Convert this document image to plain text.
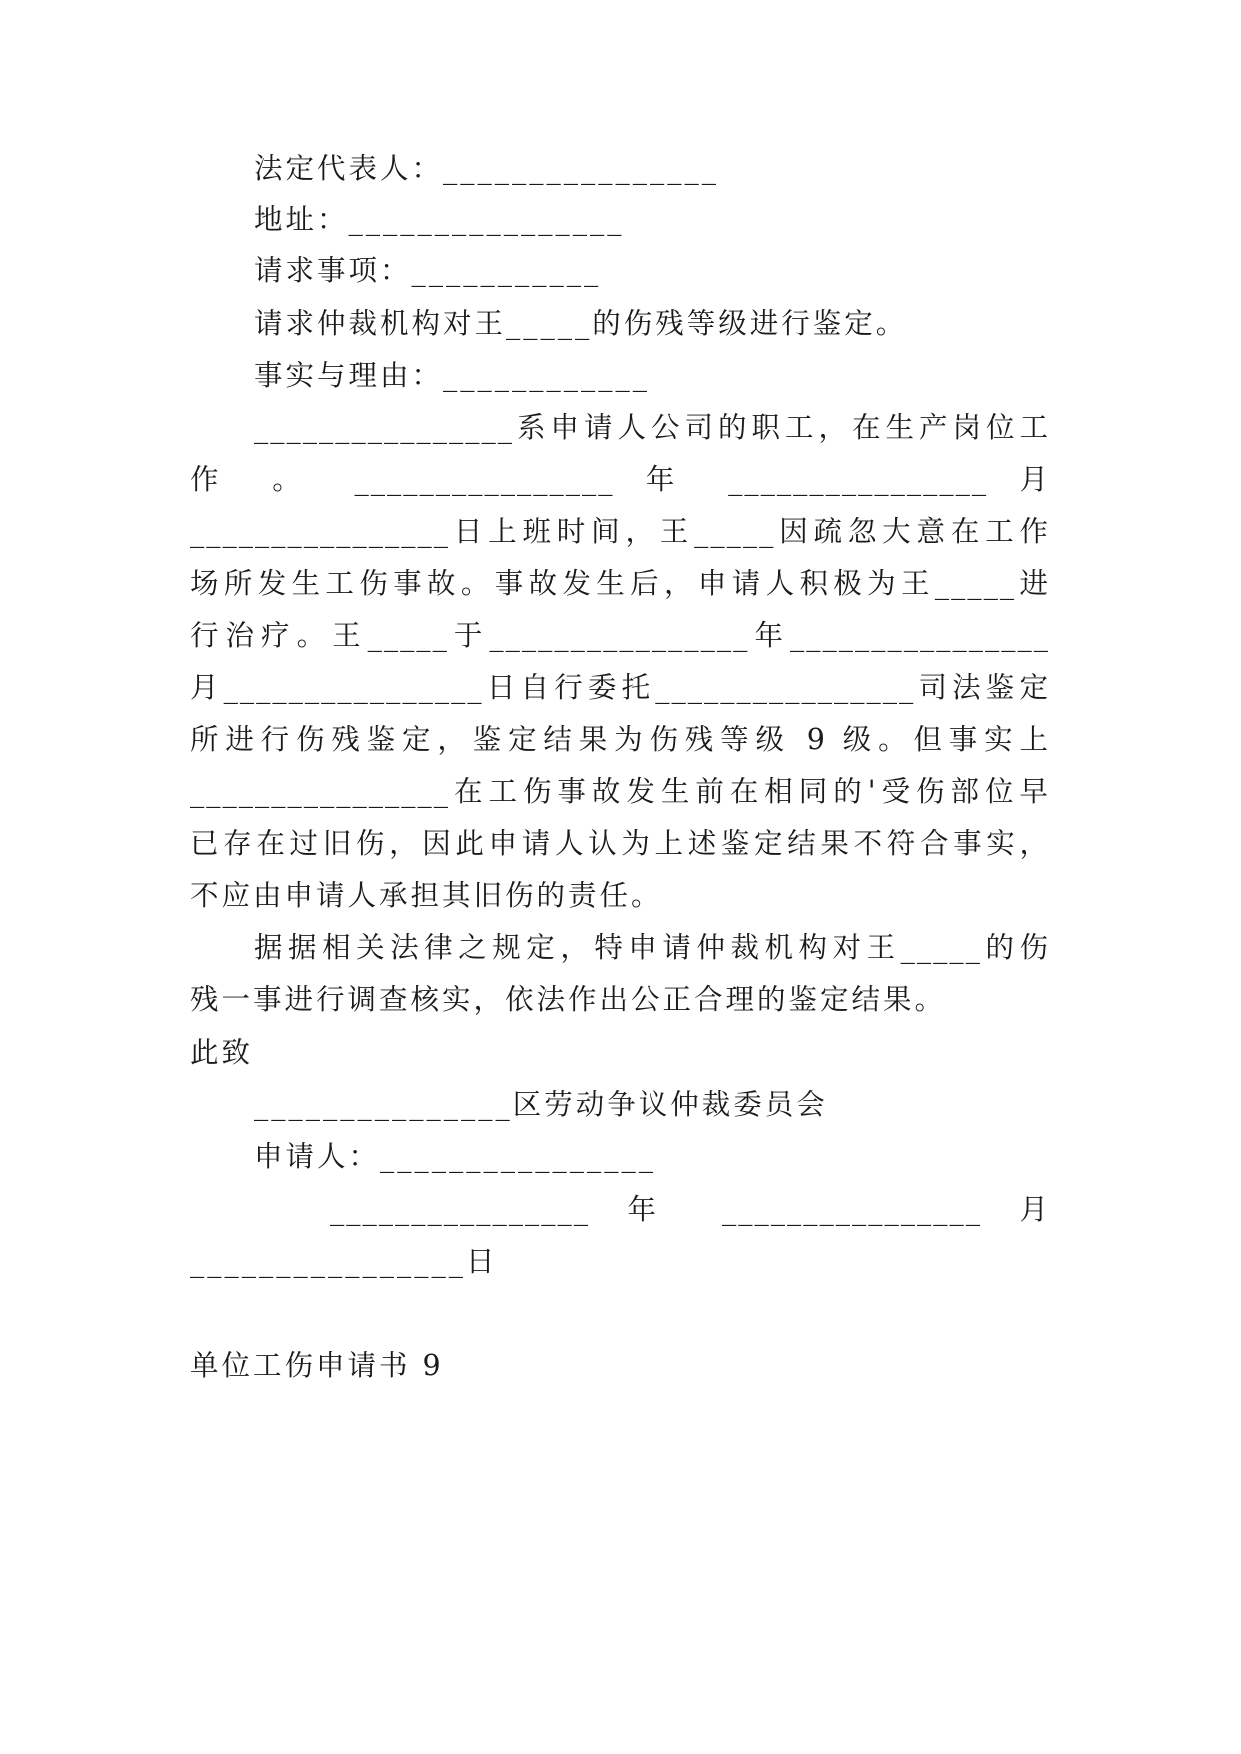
法定代表人：________________
地址：________________
请求事项：___________
请求仲裁机构对王_____的伤残等级进行鉴定。
事实与理由：____________
________________系申请人公司的职工，在生产岗位工
作 。 ________________ 年 ________________ 月
________________日上班时间，王_____因疏忽大意在工作
场所发生工伤事故。事故发生后，申请人积极为王_____进
行治疗。王_____于________________年________________
月________________日自行委托________________司法鉴定
所进行伤残鉴定，鉴定结果为伤残等级 9 级。但事实上
________________在工伤事故发生前在相同的'受伤部位早
已存在过旧伤，因此申请人认为上述鉴定结果不符合事实，
不应由申请人承担其旧伤的责任。
据据相关法律之规定，特申请仲裁机构对王_____的伤
残一事进行调查核实，依法作出公正合理的鉴定结果。
此致
_______________区劳动争议仲裁委员会
申请人：________________
________________ 年 ________________ 月
________________日
单位工伤申请书 9
